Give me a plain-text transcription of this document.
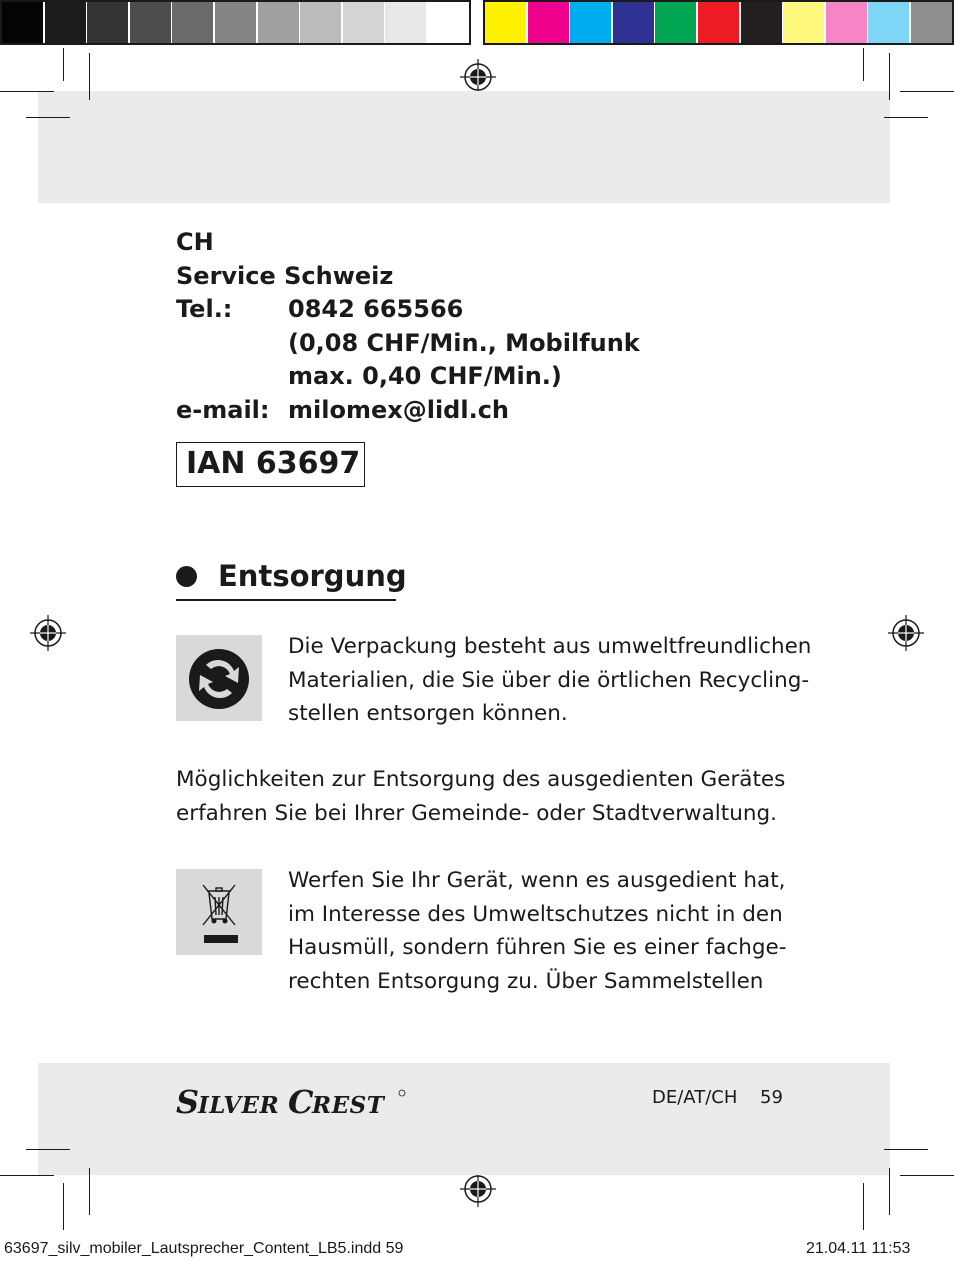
CH
Service Schweiz
Tel.:	0842 665566
(0,08 CHF/Min., Mobilfunk
max. 0,40 CHF/Min.)
e-mail: milomex@lidl.ch
IAN 63697
Entsorgung
Die Verpackung besteht aus umweltfreundlichen
Materialien, die Sie über die örtlichen Recycling-
stellen entsorgen können.
Möglichkeiten zur Entsorgung des ausgedienten Gerätes
erfahren Sie bei Ihrer Gemeinde- oder Stadtverwaltung.
Werfen Sie Ihr Gerät, wenn es ausgedient hat,
im Interesse des Umweltschutzes nicht in den
Hausmüll, sondern führen Sie es einer fachge-
rechten Entsorgung zu. Über Sammelstellen
S
ILVER C
REST	DE/AT/CH 59
63697_silv_mobiler_Lautsprecher_Content_LB5.indd 59	21.04.11 11:53
